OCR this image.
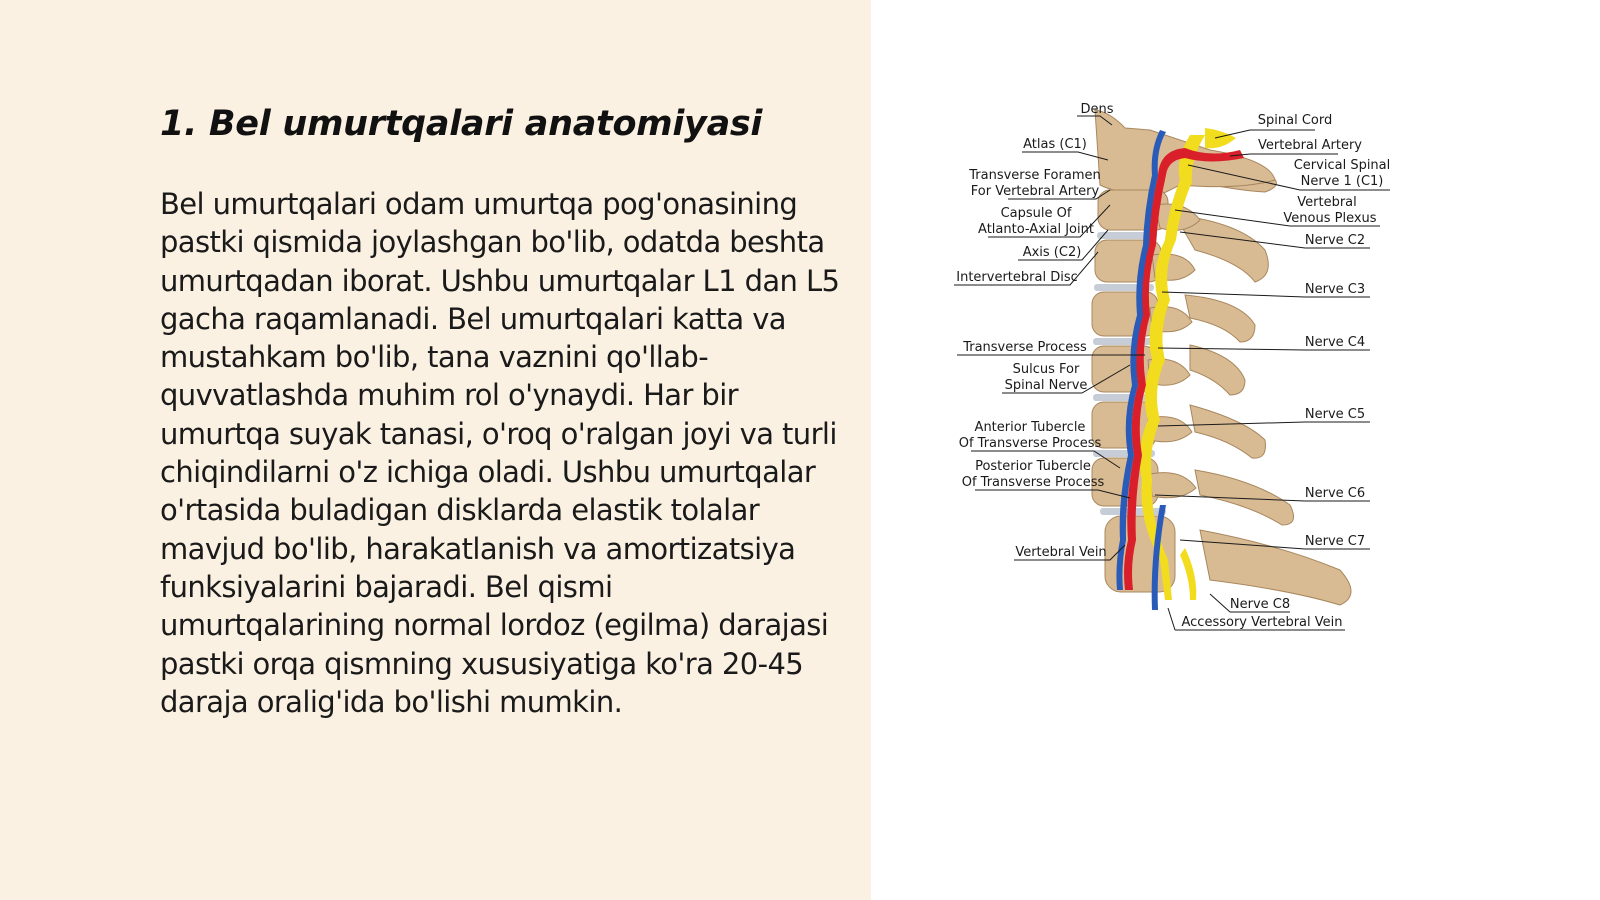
1. Bel umurtqalari anatomiyasi

Bel umurtqalari odam umurtqa pog'onasining pastki qismida joylashgan bo'lib, odatda beshta umurtqadan iborat. Ushbu umurtqalar L1 dan L5 gacha raqamlanadi. Bel umurtqalari katta va mustahkam bo'lib, tana vaznini qo'llab-quvvatlashda muhim rol o'ynaydi. Har bir umurtqa suyak tanasi, o'roq o'ralgan joyi va turli chiqindilarni o'z ichiga oladi. Ushbu umurtqalar o'rtasida buladigan disklarda elastik tolalar mavjud bo'lib, harakatlanish va amortizatsiya funksiyalarini bajaradi. Bel qismi umurtqalarining normal lordoz (egilma) darajasi pastki orqa qismning xususiyatiga ko'ra 20-45 daraja oralig'ida bo'lishi mumkin.

Dens
Atlas (C1)
Transverse Foramen
For Vertebral Artery
Capsule Of
Atlanto-Axial Joint
Axis (C2)
Intervertebral Disc
Transverse Process
Sulcus For
Spinal Nerve
Anterior Tubercle
Of Transverse Process
Posterior Tubercle
Of Transverse Process
Vertebral Vein
Spinal Cord
Vertebral Artery
Cervical Spinal
Nerve 1 (C1)
Vertebral
Venous Plexus
Nerve C2
Nerve C3
Nerve C4
Nerve C5
Nerve C6
Nerve C7
Nerve C8
Accessory Vertebral Vein
